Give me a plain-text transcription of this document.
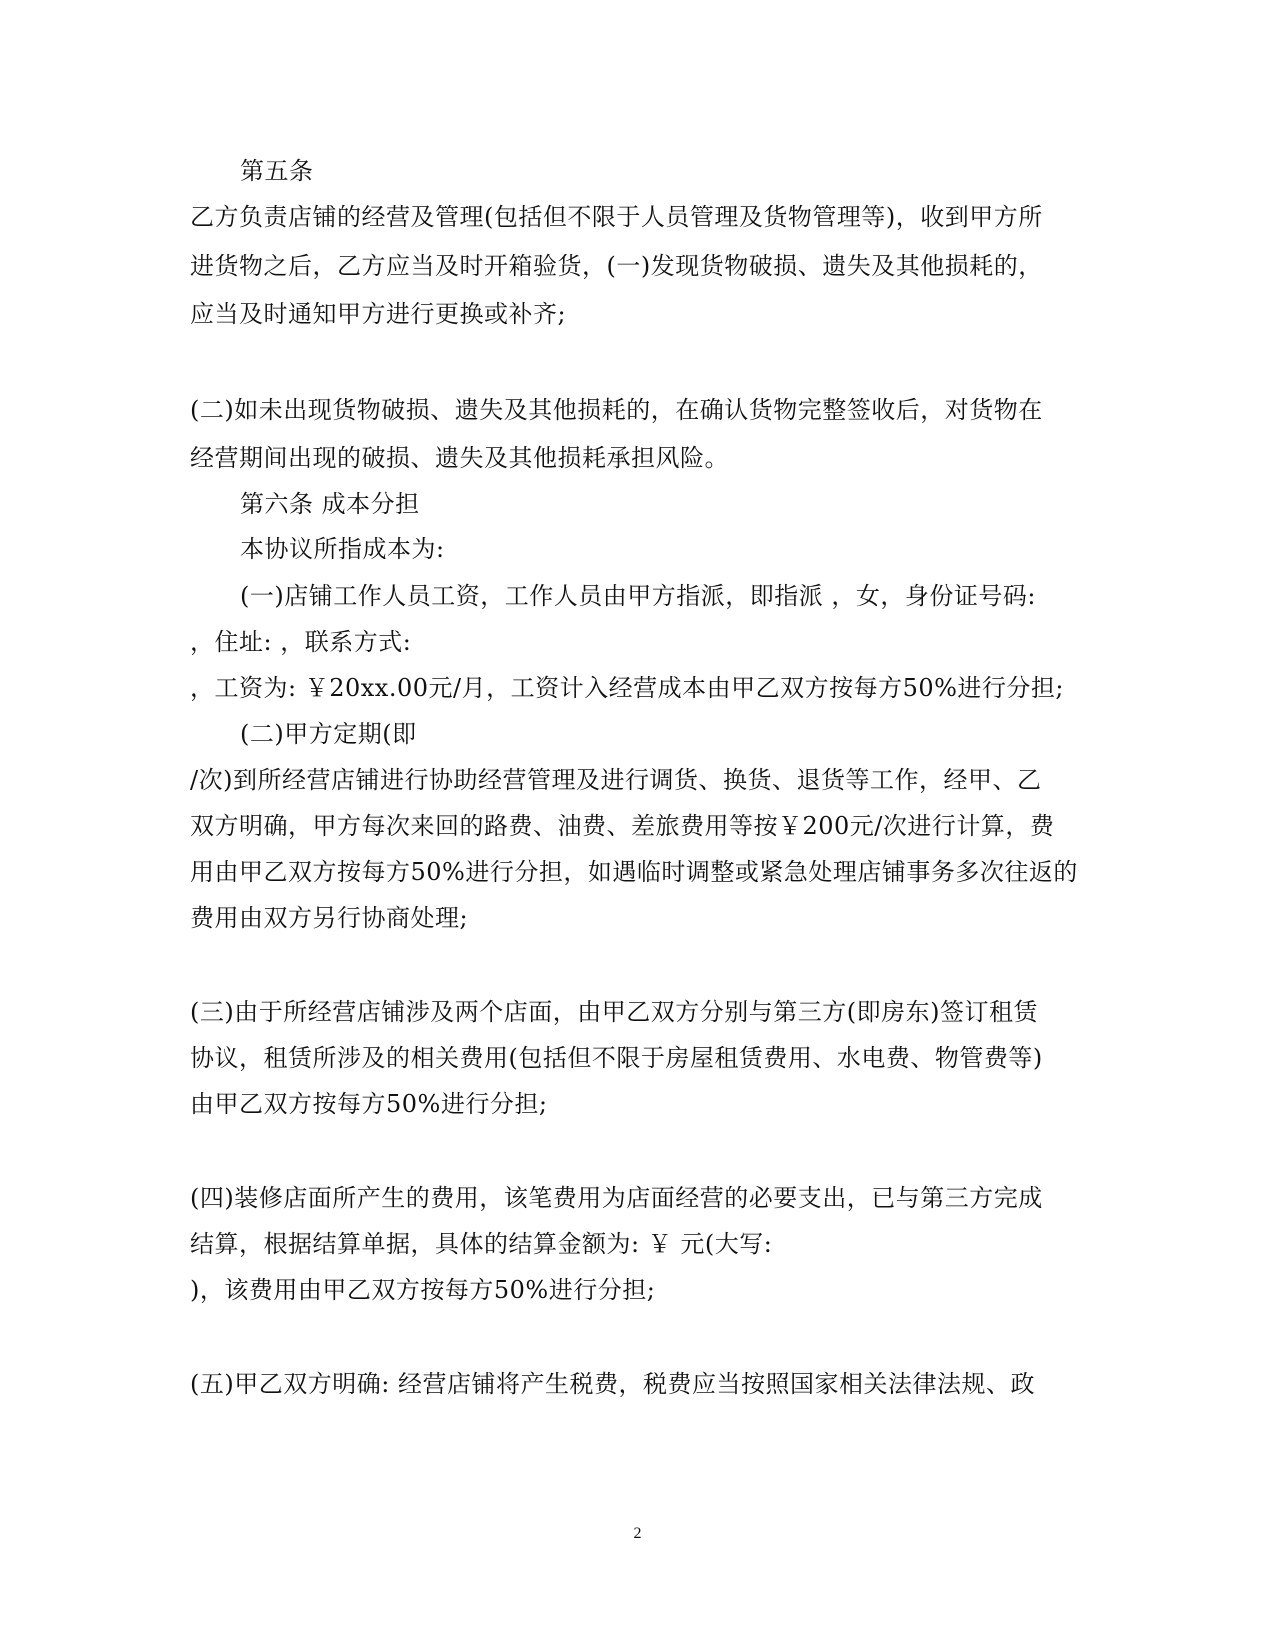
第五条
乙方负责店铺的经营及管理(包括但不限于人员管理及货物管理等)，收到甲方所
进货物之后，乙方应当及时开箱验货，(一)发现货物破损、遗失及其他损耗的，
应当及时通知甲方进行更换或补齐;
(二)如未出现货物破损、遗失及其他损耗的，在确认货物完整签收后，对货物在
经营期间出现的破损、遗失及其他损耗承担风险。
第六条 成本分担
本协议所指成本为:
(一)店铺工作人员工资，工作人员由甲方指派，即指派 ，女，身份证号码:
，住址: ，联系方式:
，工资为: ￥20xx.00元/月，工资计入经营成本由甲乙双方按每方50%进行分担;
(二)甲方定期(即
/次)到所经营店铺进行协助经营管理及进行调货、换货、退货等工作，经甲、乙
双方明确，甲方每次来回的路费、油费、差旅费用等按￥200元/次进行计算，费
用由甲乙双方按每方50%进行分担，如遇临时调整或紧急处理店铺事务多次往返的
费用由双方另行协商处理;
(三)由于所经营店铺涉及两个店面，由甲乙双方分别与第三方(即房东)签订租赁
协议，租赁所涉及的相关费用(包括但不限于房屋租赁费用、水电费、物管费等)
由甲乙双方按每方50%进行分担;
(四)装修店面所产生的费用，该笔费用为店面经营的必要支出，已与第三方完成
结算，根据结算单据，具体的结算金额为: ￥ 元(大写:
)，该费用由甲乙双方按每方50%进行分担;
(五)甲乙双方明确: 经营店铺将产生税费，税费应当按照国家相关法律法规、政
2
